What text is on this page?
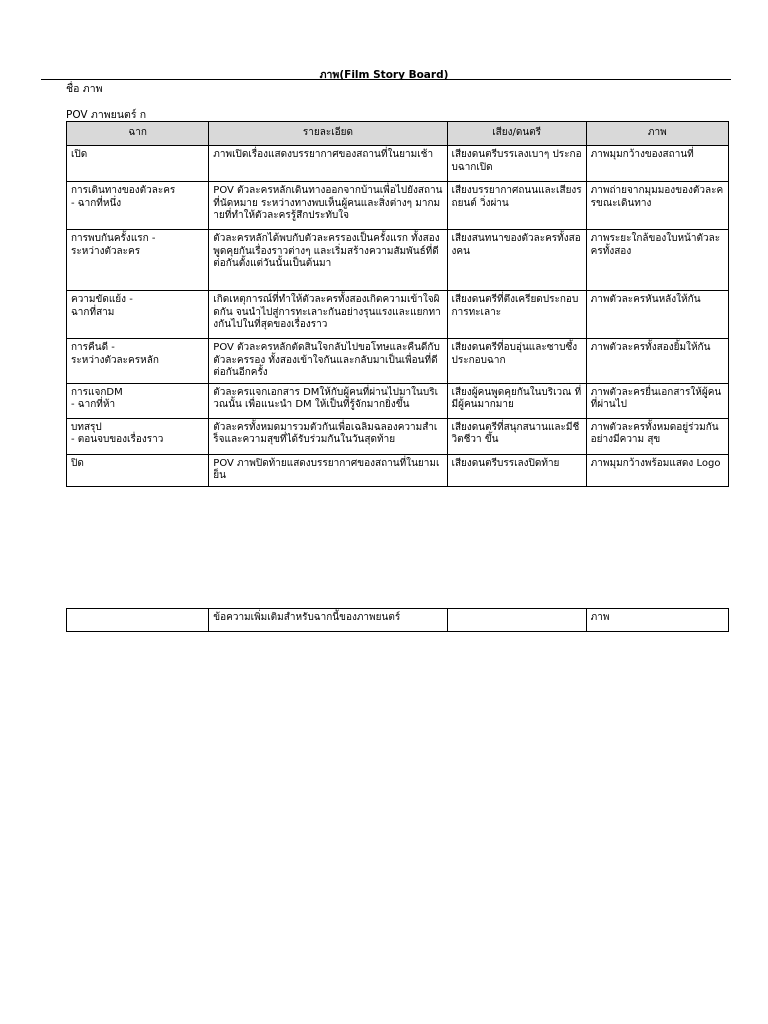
ภาพ(Film Story Board)
ชื่อ ภาพ
POV ภาพยนตร์ ก
ฉาก	รายละเอียด	เสียง/ดนตรี	ภาพ
เปิด	ภาพเปิดเรื่องแสดงบรรยากาศของสถานที่ในยามเช้า	เสียงดนตรีบรรเลงเบาๆ ประกอบฉากเปิด	ภาพมุมกว้างของสถานที่
การเดินทางของตัวละคร
- ฉากที่หนึ่ง	POV ตัวละครหลักเดินทางออกจากบ้านเพื่อไปยังสถานที่นัดหมาย ระหว่างทางพบเห็นผู้คนและสิ่งต่างๆ มากมายที่ทำให้ตัวละครรู้สึกประทับใจ	เสียงบรรยากาศถนนและเสียงรถยนต์ วิ่งผ่าน	ภาพถ่ายจากมุมมองของตัวละครขณะเดินทาง
การพบกันครั้งแรก -
ระหว่างตัวละคร	ตัวละครหลักได้พบกับตัวละครรองเป็นครั้งแรก ทั้งสองพูดคุยกันเรื่องราวต่างๆ และเริ่มสร้างความสัมพันธ์ที่ดีต่อกันตั้งแต่วันนั้นเป็นต้นมา	เสียงสนทนาของตัวละครทั้งสองคน	ภาพระยะใกล้ของใบหน้าตัวละครทั้งสอง
ความขัดแย้ง -
ฉากที่สาม	เกิดเหตุการณ์ที่ทำให้ตัวละครทั้งสองเกิดความเข้าใจผิดกัน จนนำไปสู่การทะเลาะกันอย่างรุนแรงและแยกทางกันไปในที่สุดของเรื่องราว	เสียงดนตรีที่ตึงเครียดประกอบ การทะเลาะ	ภาพตัวละครหันหลังให้กัน
การคืนดี -
ระหว่างตัวละครหลัก	POV ตัวละครหลักตัดสินใจกลับไปขอโทษและคืนดีกับตัวละครรอง ทั้งสองเข้าใจกันและกลับมาเป็นเพื่อนที่ดีต่อกันอีกครั้ง	เสียงดนตรีที่อบอุ่นและซาบซึ้ง ประกอบฉาก	ภาพตัวละครทั้งสองยิ้มให้กัน
การแจกDM
- ฉากที่ห้า	ตัวละครแจกเอกสาร DMให้กับผู้คนที่ผ่านไปมาในบริเวณนั้น เพื่อแนะนำ DM ให้เป็นที่รู้จักมากยิ่งขึ้น	เสียงผู้คนพูดคุยกันในบริเวณ ที่มีผู้คนมากมาย	ภาพตัวละครยื่นเอกสารให้ผู้คนที่ผ่านไป
บทสรุป
- ตอนจบของเรื่องราว	ตัวละครทั้งหมดมารวมตัวกันเพื่อเฉลิมฉลองความสำเร็จและความสุขที่ได้รับร่วมกันในวันสุดท้าย	เสียงดนตรีที่สนุกสนานและมีชีวิตชีวา ขึ้น	ภาพตัวละครทั้งหมดอยู่ร่วมกันอย่างมีความ สุข
ปิด	POV ภาพปิดท้ายแสดงบรรยากาศของสถานที่ในยามเย็น	เสียงดนตรีบรรเลงปิดท้าย	ภาพมุมกว้างพร้อมแสดง Logo
	ข้อความเพิ่มเติมสำหรับฉากนี้ของภาพยนตร์		ภาพ
